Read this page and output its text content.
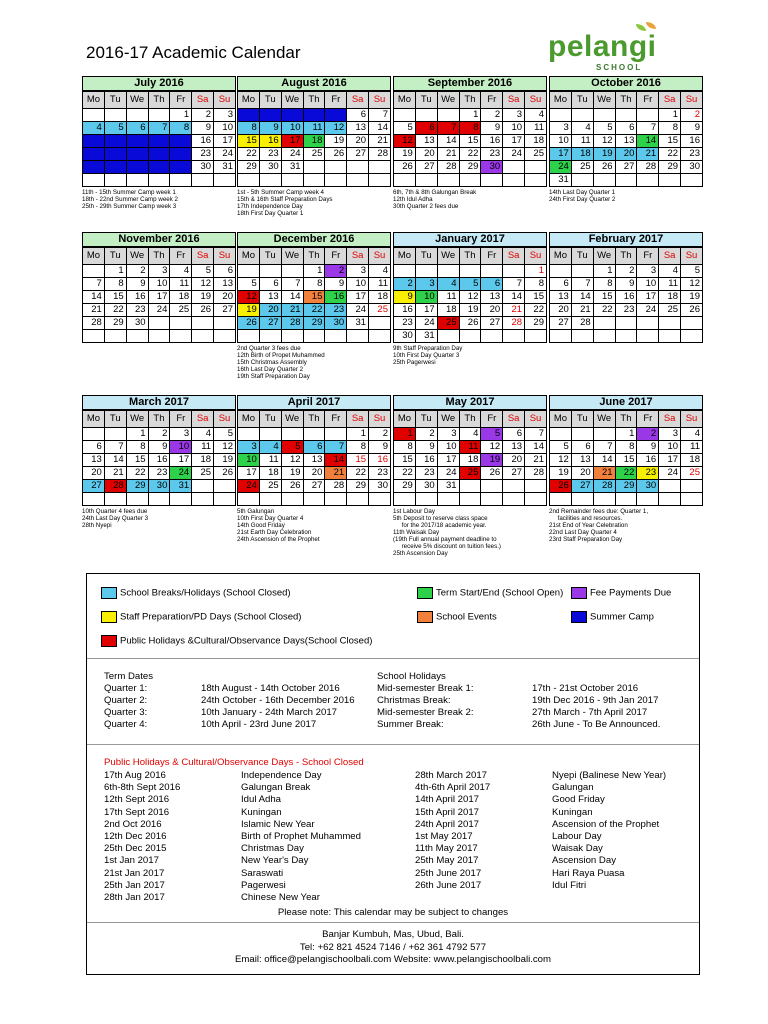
2016-17 Academic Calendar	pelangi
SCHOOL
July 2016
Mo	Tu	We	Th	Fr	Sa	Su
				1	2	3
4	5	6	7	8	9	10
11	12	13	14	15	16	17
18	19	20	21	22	23	24
25	26	27	28	29	30	31

11th - 15th Summer Camp week 1
18th - 22nd Summer Camp week 2
25th - 29th Summer Camp week 3
August 2016
Mo	Tu	We	Th	Fr	Sa	Su
1	2	3	4	5	6	7
8	9	10	11	12	13	14
15	16	17	18	19	20	21
22	23	24	25	26	27	28
29	30	31				

1st - 5th Summer Camp week 4
15th & 16th Staff Preparation Days
17th Independence Day
18th First Day Quarter 1
September 2016
Mo	Tu	We	Th	Fr	Sa	Su
			1	2	3	4
5	6	7	8	9	10	11
12	13	14	15	16	17	18
19	20	21	22	23	24	25
26	27	28	29	30		

6th, 7th & 8th Galungan Break
12th Idul Adha
30th Quarter 2 fees due
October 2016
Mo	Tu	We	Th	Fr	Sa	Su
					1	2
3	4	5	6	7	8	9
10	11	12	13	14	15	16
17	18	19	20	21	22	23
24	25	26	27	28	29	30
31						
14th Last Day Quarter 1
24th First Day Quarter 2
November 2016
Mo	Tu	We	Th	Fr	Sa	Su
	1	2	3	4	5	6
7	8	9	10	11	12	13
14	15	16	17	18	19	20
21	22	23	24	25	26	27
28	29	30				

December 2016
Mo	Tu	We	Th	Fr	Sa	Su
			1	2	3	4
5	6	7	8	9	10	11
12	13	14	15	16	17	18
19	20	21	22	23	24	25
26	27	28	29	30	31	

2nd Quarter 3 fees due
12th Birth of Propet Muhammed
15th Christmas Assembly
16th Last Day Quarter 2
19th Staff Preparation Day
January 2017
Mo	Tu	We	Th	Fr	Sa	Su
						1
2	3	4	5	6	7	8
9	10	11	12	13	14	15
16	17	18	19	20	21	22
23	24	25	26	27	28	29
30	31					
9th Staff Preparation Day
10th First Day Quarter 3
25th Pagerwesi
February 2017
Mo	Tu	We	Th	Fr	Sa	Su
		1	2	3	4	5
6	7	8	9	10	11	12
13	14	15	16	17	18	19
20	21	22	23	24	25	26
27	28					

March 2017
Mo	Tu	We	Th	Fr	Sa	Su
		1	2	3	4	5
6	7	8	9	10	11	12
13	14	15	16	17	18	19
20	21	22	23	24	25	26
27	28	29	30	31		

10th Quarter 4 fees due
24th Last Day Quarter 3
28th Nyepi
April 2017
Mo	Tu	We	Th	Fr	Sa	Su
					1	2
3	4	5	6	7	8	9
10	11	12	13	14	15	16
17	18	19	20	21	22	23
24	25	26	27	28	29	30

5th Galungan
10th First Day Quarter 4
14th Good Friday
21st Earth Day Celebration
24th Ascension of the Prophet
May 2017
Mo	Tu	We	Th	Fr	Sa	Su
1	2	3	4	5	6	7
8	9	10	11	12	13	14
15	16	17	18	19	20	21
22	23	24	25	26	27	28
29	30	31				

1st Labour Day
5th Deposit to reserve class space
for the 2017/18 academic year.
11th Waisak Day
(19th Full annual payment deadline to
receive 5% discount on tuition fees.)
25th Ascension Day
June 2017
Mo	Tu	We	Th	Fr	Sa	Su
			1	2	3	4
5	6	7	8	9	10	11
12	13	14	15	16	17	18
19	20	21	22	23	24	25
26	27	28	29	30		

2nd Remainder fees due: Quarter 1,
facilities and resources.
21st End of Year Celebration
22nd Last Day Quarter 4
23rd Staff Preparation Day
School Breaks/Holidays (School Closed)	Term Start/End (School Open)	Fee Payments Due
Staff Preparation/PD Days (School Closed)	School Events	Summer Camp
Public Holidays &Cultural/Observance Days(School Closed)
Term Dates
Quarter 1:	18th August - 14th October 2016
Quarter 2:	24th October - 16th December 2016
Quarter 3:	10th January - 24th March 2017
Quarter 4:	10th April - 23rd June 2017
School Holidays
Mid-semester Break 1:	17th - 21st October 2016
Christmas Break:	19th Dec 2016 - 9th Jan 2017
Mid-semester Break 2:	27th March - 7th April 2017
Summer Break:	26th June - To Be Announced.
Public Holidays & Cultural/Observance Days - School Closed
17th Aug 2016	Independence Day
6th-8th Sept 2016	Galungan Break
12th Sept 2016	Idul Adha
17th Sept 2016	Kuningan
2nd Oct 2016	Islamic New Year
12th Dec 2016	Birth of Prophet Muhammed
25th Dec 2015	Christmas Day
1st Jan 2017	New Year's Day
21st Jan 2017	Saraswati
25th Jan 2017	Pagerwesi
28th Jan 2017	Chinese New Year
28th March 2017	Nyepi (Balinese New Year)
4th-6th April 2017	Galungan
14th April 2017	Good Friday
15th April 2017	Kuningan
24th April 2017	Ascension of the Prophet
1st May 2017	Labour Day
11th May 2017	Waisak Day
25th May 2017	Ascension Day
25th June 2017	Hari Raya Puasa
26th June 2017	Idul Fitri
Please note: This calendar may be subject to changes
Banjar Kumbuh, Mas, Ubud, Bali.
Tel: +62 821 4524 7146 / +62 361 4792 577
Email: office@pelangischoolbali.com Website: www.pelangischoolbali.com
